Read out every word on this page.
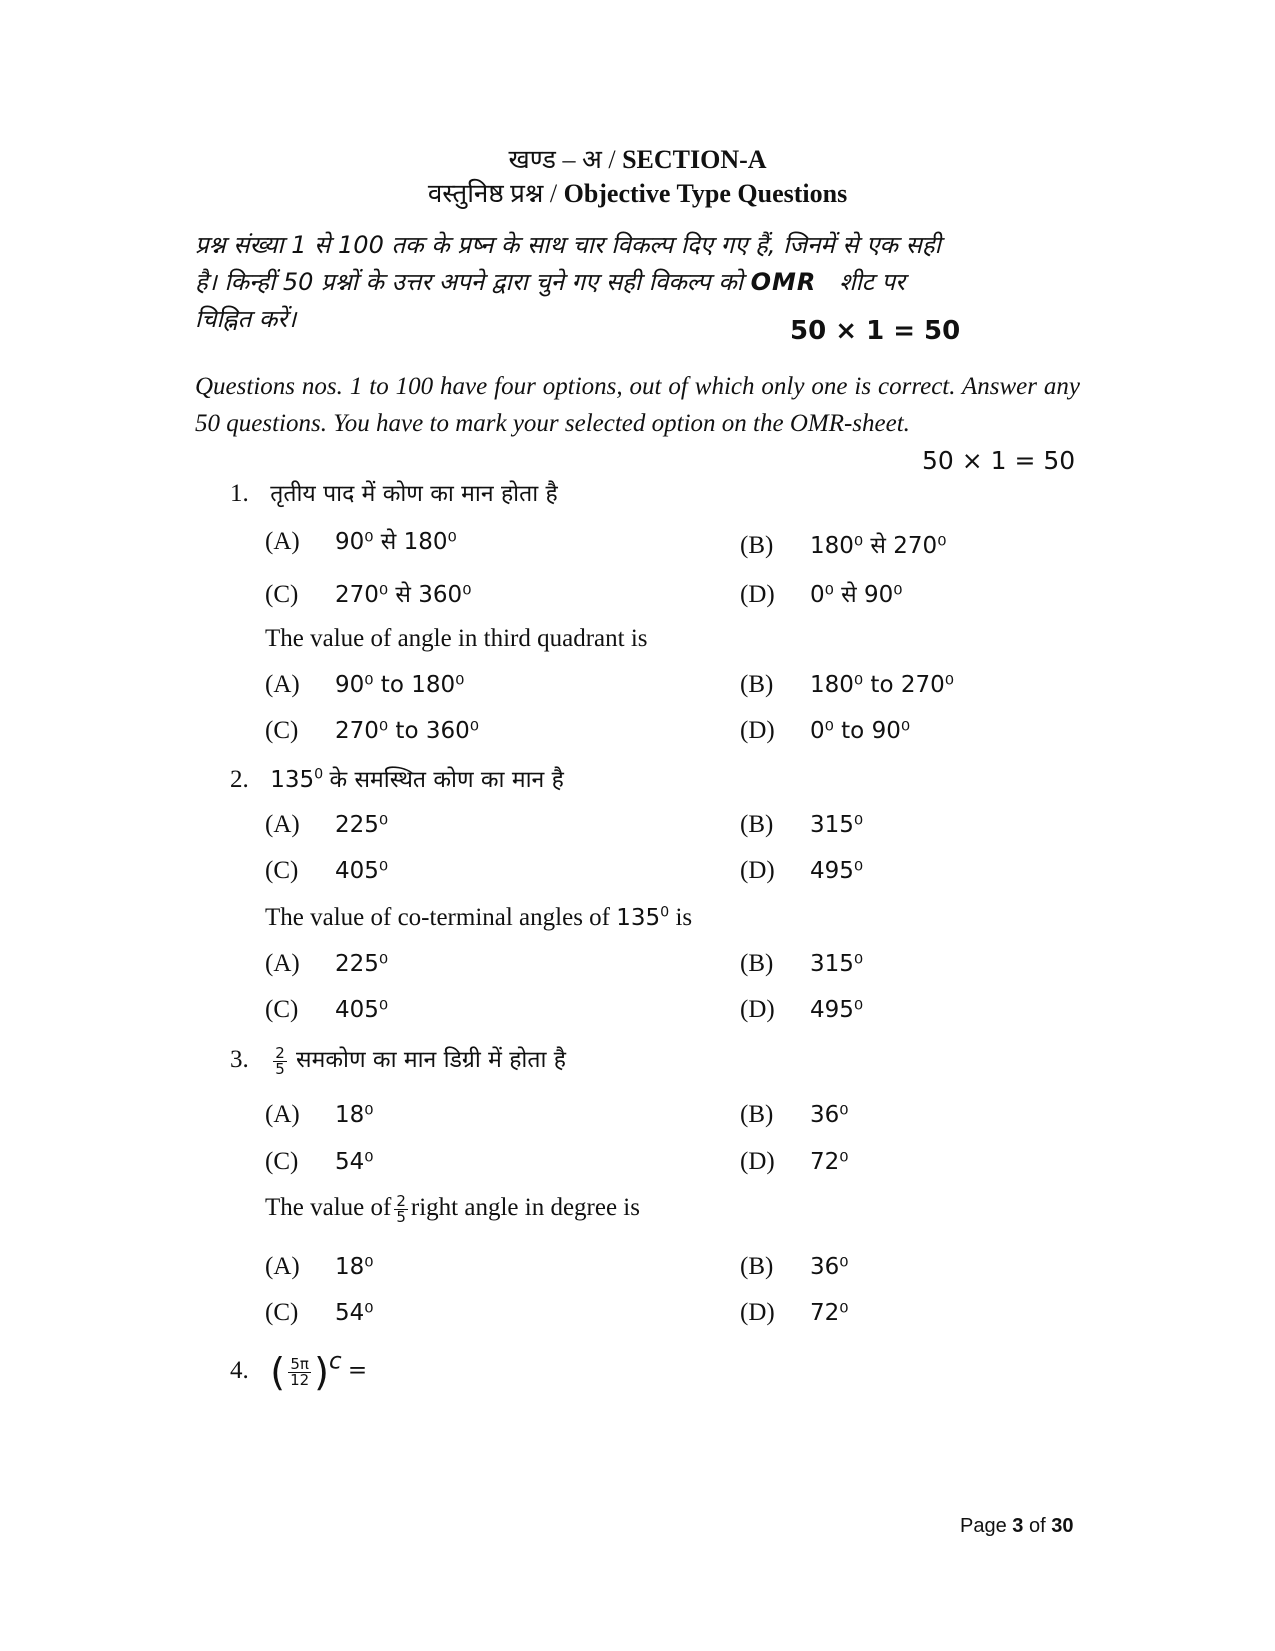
खण्ड – अ / SECTION-A
वस्तुनिष्ठ प्रश्न / Objective Type Questions
प्रश्न संख्या 1 से 100 तक के प्रष्न के साथ चार विकल्प दिए गए हैं, जिनमें से एक सही
है। किन्हीं 50 प्रश्नों के उत्तर अपने द्वारा चुने गए सही विकल्प को OMR शीट पर
चिह्नित करें।	50 × 1 = 50
Questions nos. 1 to 100 have four options, out of which only one is correct. Answer any 50 questions. You have to mark your selected option on the OMR-sheet.
50 × 1 = 50
1. तृतीय पाद में कोण का मान होता है
(A) 90⁰ से 180⁰	(B) 180⁰ से 270⁰
(C) 270⁰ से 360⁰	(D) 0⁰ से 90⁰
The value of angle in third quadrant is
(A) 90⁰ to 180⁰	(B) 180⁰ to 270⁰
(C) 270⁰ to 360⁰	(D) 0⁰ to 90⁰
2. $135^0$ के समस्थित कोण का मान है
(A) 225⁰	(B) 315⁰
(C) 405⁰	(D) 495⁰
The value of co-terminal angles of $135^0$ is
(A) 225⁰	(B) 315⁰
(C) 405⁰	(D) 495⁰
3. $\frac{2}{5}$ समकोण का मान डिग्री में होता है
(A) 18⁰	(B) 36⁰
(C) 54⁰	(D) 72⁰
The value of $\frac{2}{5}$ right angle in degree is
(A) 18⁰	(B) 36⁰
(C) 54⁰	(D) 72⁰
4. ( $\frac{5\pi}{12} )^c$ =
Page 3 of 30
